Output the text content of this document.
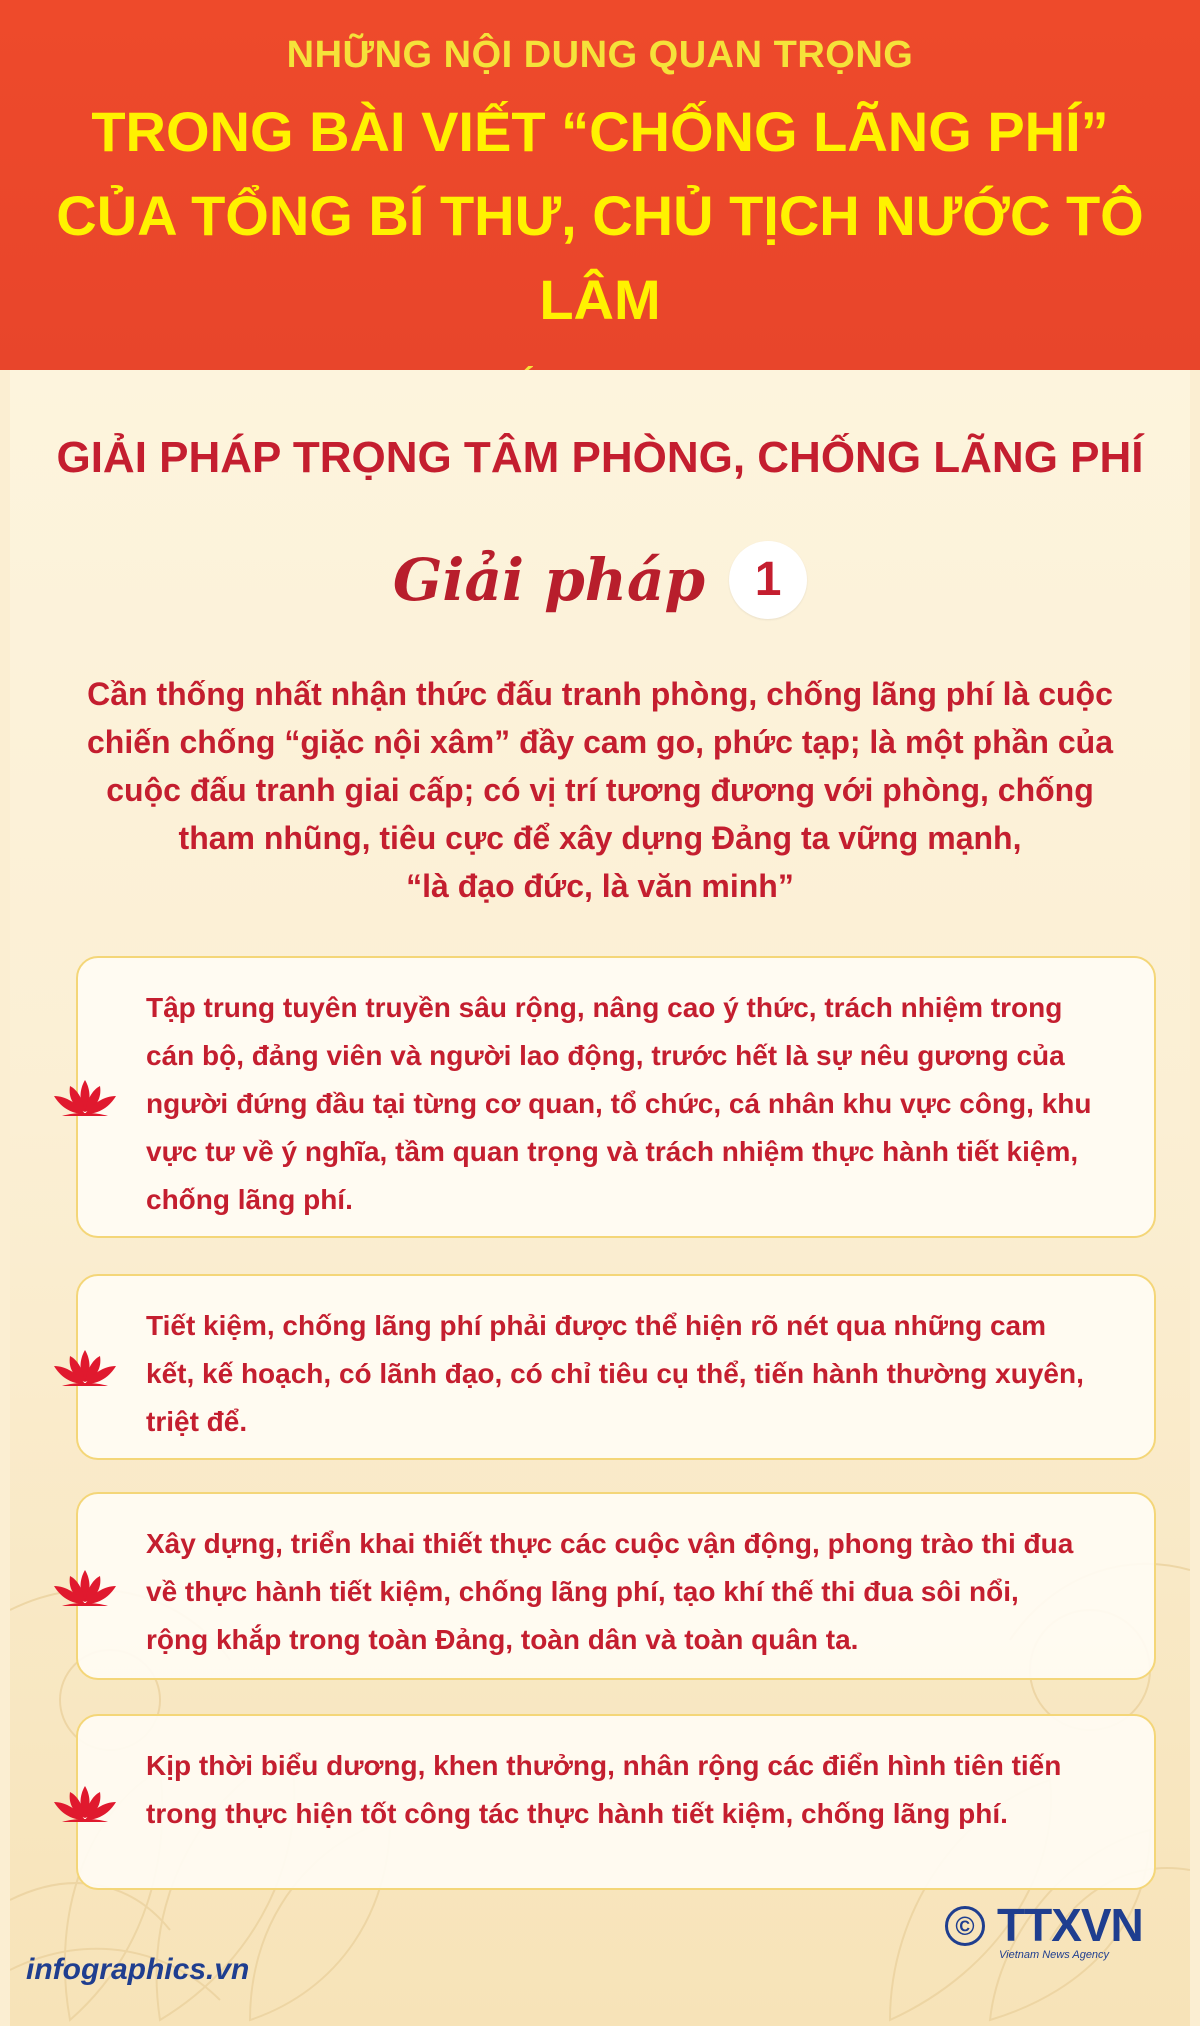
NHỮNG NỘI DUNG QUAN TRỌNG
TRONG BÀI VIẾT “CHỐNG LÃNG PHÍ”
CỦA TỔNG BÍ THƯ, CHỦ TỊCH NƯỚC TÔ LÂM
GIẢI PHÁP TRỌNG TÂM PHÒNG, CHỐNG LÃNG PHÍ
Giải pháp 1
Cần thống nhất nhận thức đấu tranh phòng, chống lãng phí là cuộc
chiến chống “giặc nội xâm” đầy cam go, phức tạp; là một phần của
cuộc đấu tranh giai cấp; có vị trí tương đương với phòng, chống
tham nhũng, tiêu cực để xây dựng Đảng ta vững mạnh,
“là đạo đức, là văn minh”
Tập trung tuyên truyền sâu rộng, nâng cao ý thức, trách nhiệm trong
cán bộ, đảng viên và người lao động, trước hết là sự nêu gương của
người đứng đầu tại từng cơ quan, tổ chức, cá nhân khu vực công, khu
vực tư về ý nghĩa, tầm quan trọng và trách nhiệm thực hành tiết kiệm,
chống lãng phí.
Tiết kiệm, chống lãng phí phải được thể hiện rõ nét qua những cam
kết, kế hoạch, có lãnh đạo, có chỉ tiêu cụ thể, tiến hành thường xuyên,
triệt để.
Xây dựng, triển khai thiết thực các cuộc vận động, phong trào thi đua
về thực hành tiết kiệm, chống lãng phí, tạo khí thế thi đua sôi nổi,
rộng khắp trong toàn Đảng, toàn dân và toàn quân ta.
Kịp thời biểu dương, khen thưởng, nhân rộng các điển hình tiên tiến
trong thực hiện tốt công tác thực hành tiết kiệm, chống lãng phí.
infographics.vn
© TTXVN
Vietnam News Agency
